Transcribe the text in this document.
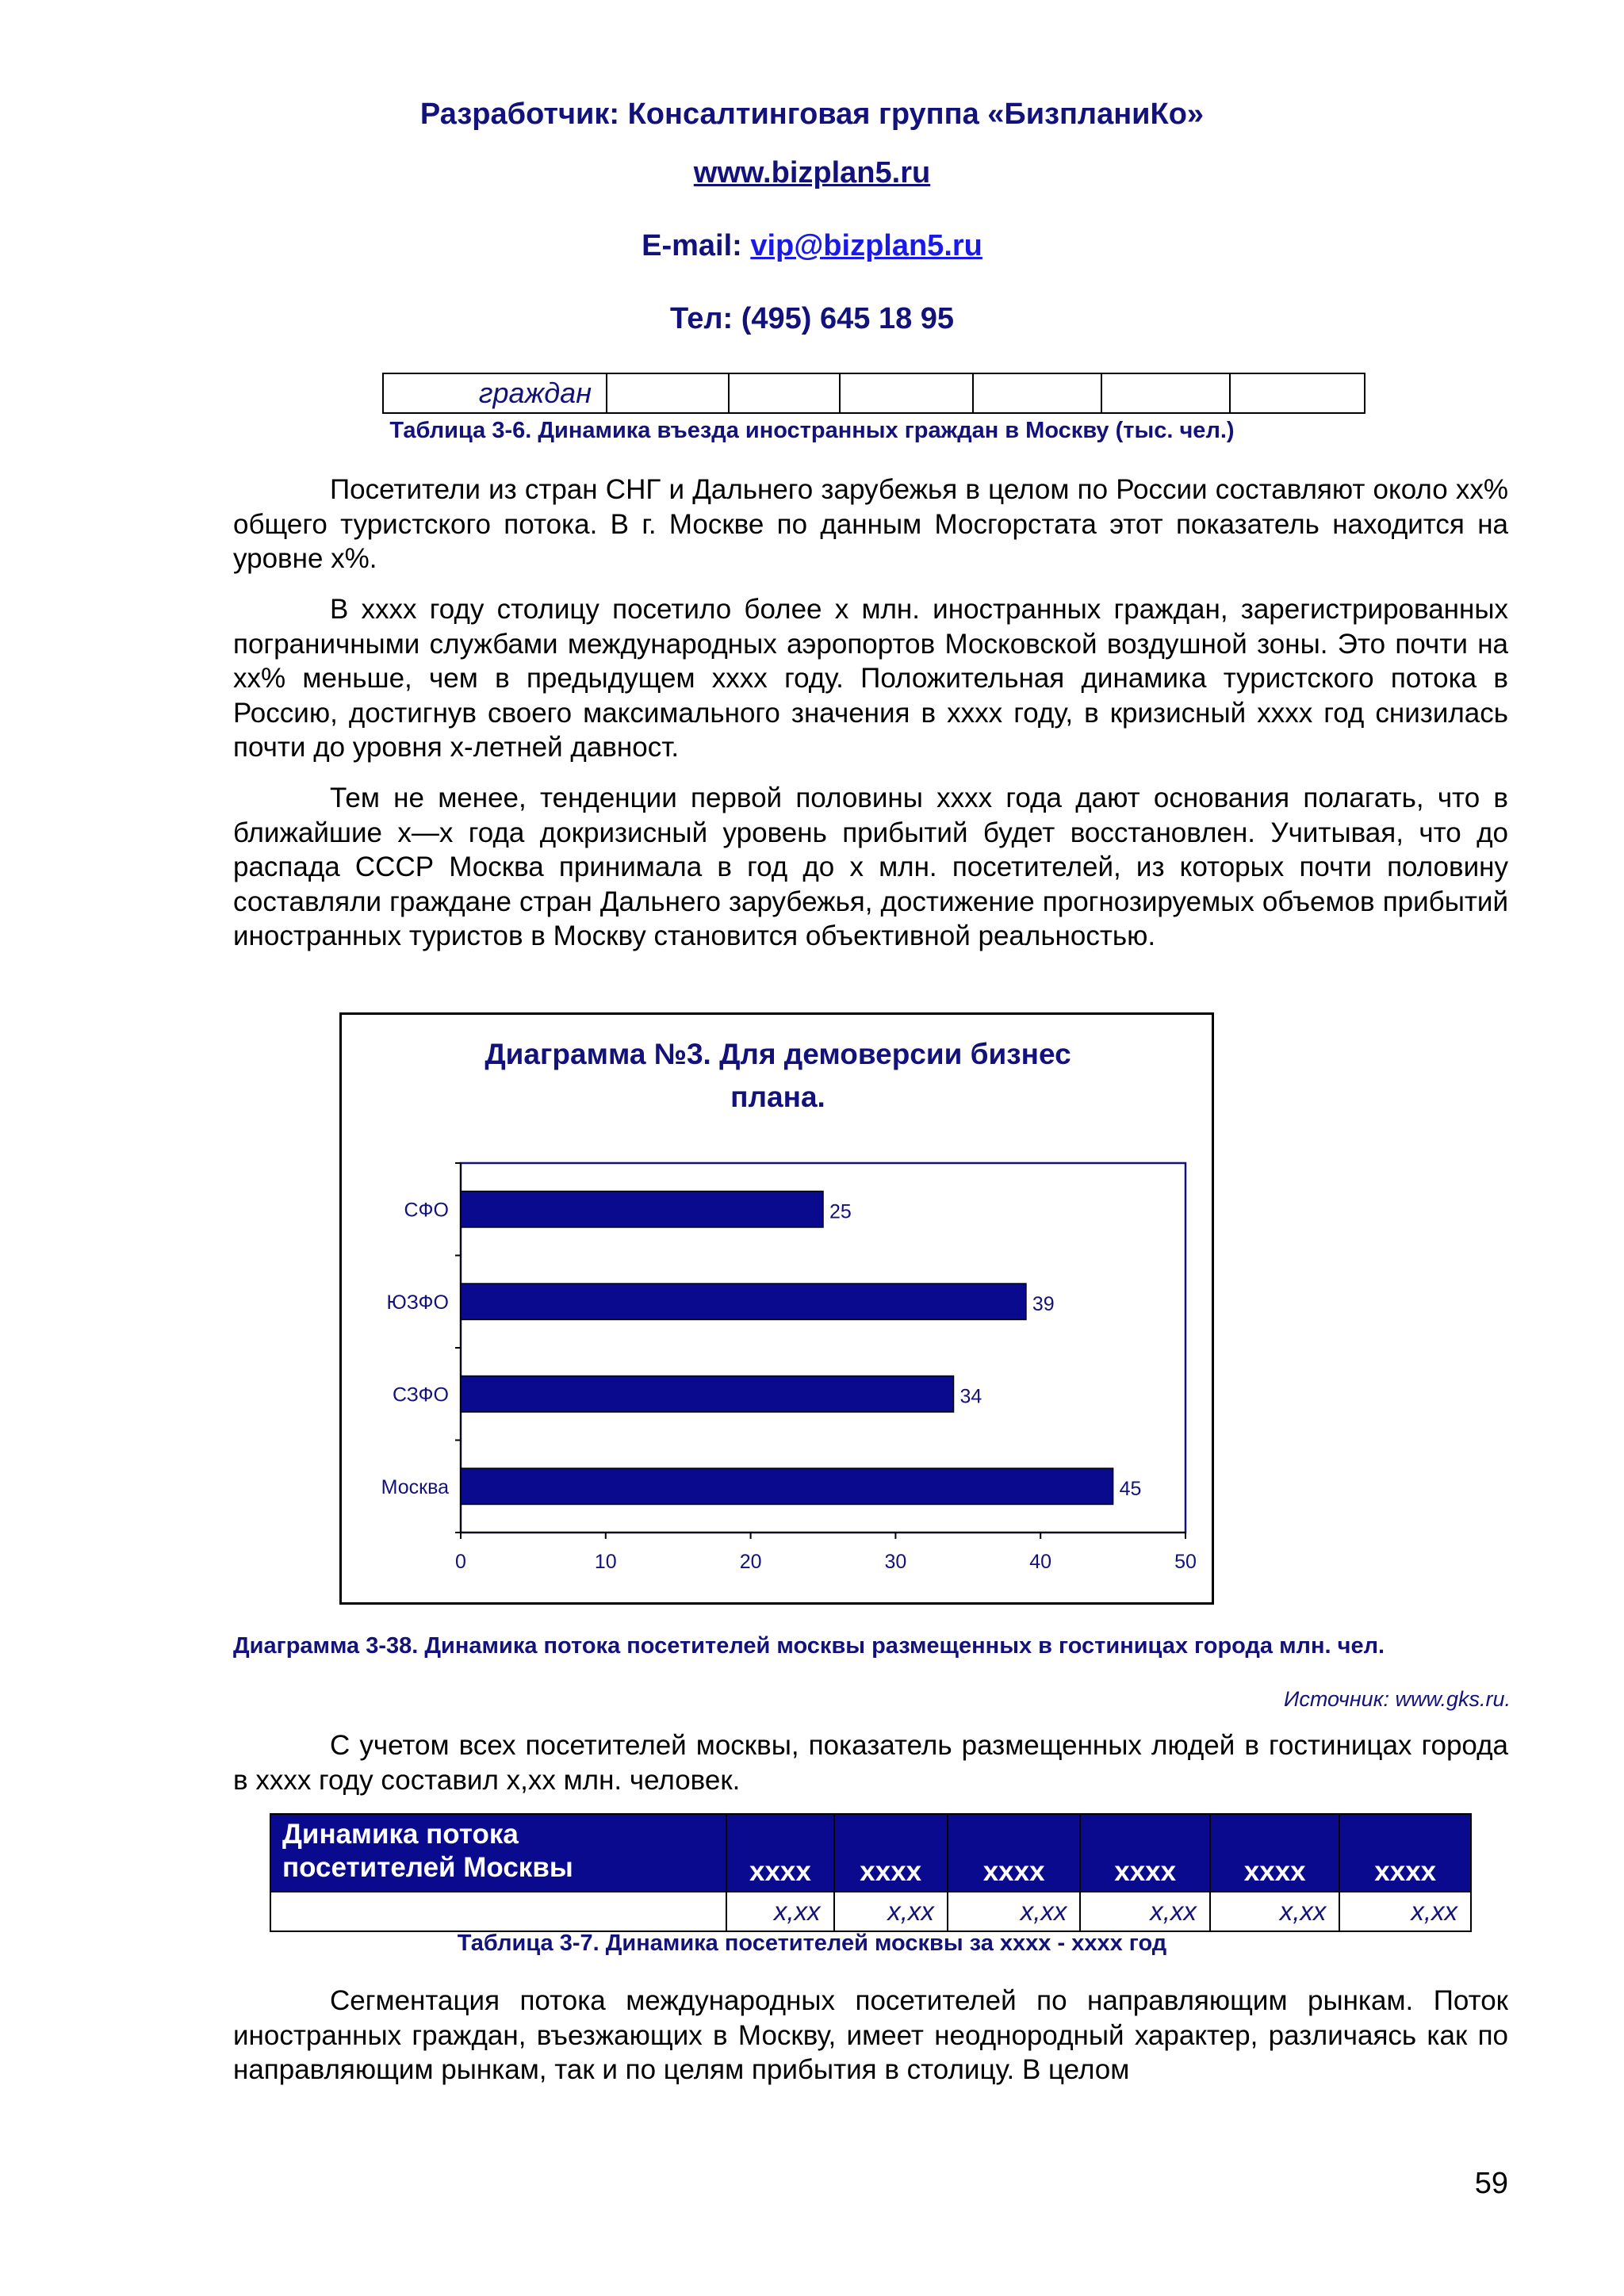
Разработчик: Консалтинговая группа «БизпланиКо»
www.bizplan5.ru
E-mail: vip@bizplan5.ru
Тел: (495) 645 18 95
граждан						
Таблица 3-6. Динамика въезда иностранных граждан в Москву (тыс. чел.)

Посетители из стран СНГ и Дальнего зарубежья в целом по России составляют около хх% общего туристского потока. В г. Москве по данным Мосгорстата этот показатель находится на уровне х%.

В хххх году столицу посетило более х млн. иностранных граждан, зарегистрированных пограничными службами международных аэропортов Московской воздушной зоны. Это почти на хх% меньше, чем в предыдущем хххх году. Положительная динамика туристского потока в Россию, достигнув своего максимального значения в хххх году, в кризисный хххх год снизилась почти до уровня х-летней давност.

Тем не менее, тенденции первой половины хххх года дают основания полагать, что в ближайшие х—х года докризисный уровень прибытий будет восстановлен. Учитывая, что до распада СССР Москва принимала в год до х млн. посетителей, из которых почти половину составляли граждане стран Дальнего зарубежья, достижение прогнозируемых объемов прибытий иностранных туристов в Москву становится объективной реальностью.

Диаграмма №3. Для демоверсии бизнес
плана.
0	10	20	30	40	50
СФО	25
ЮЗФО	39
СЗФО	34
Москва	45
Диаграмма 3-38. Динамика потока посетителей москвы размещенных в гостиницах города млн. чел.
Источник: www.gks.ru.

С учетом всех посетителей москвы, показатель размещенных людей в гостиницах города в хххх году составил х,хх млн. человек.

Динамика потока
посетителей Москвы	хххх	хххх	хххх	хххх	хххх	хххх
	х,хх	х,хх	х,хх	х,хх	х,хх	х,хх
Таблица 3-7. Динамика посетителей москвы за хххх - хххх год

Сегментация потока международных посетителей по направляющим рынкам. Поток иностранных граждан, въезжающих в Москву, имеет неоднородный характер, различаясь как по направляющим рынкам, так и по целям прибытия в столицу. В целом

59
